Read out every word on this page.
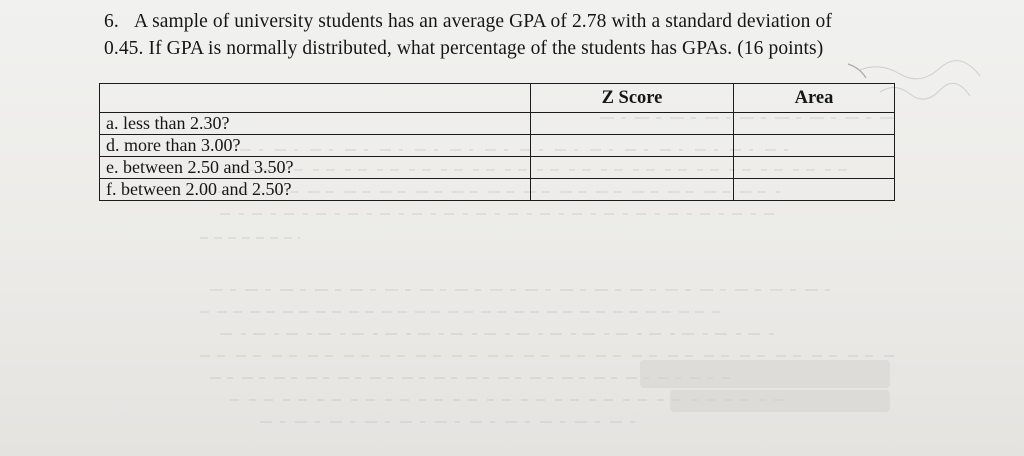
6. A sample of university students has an average GPA of 2.78 with a standard deviation of
0.45. If GPA is normally distributed, what percentage of the students has GPAs. (16 points)
	Z Score	Area
a. less than 2.30?		
d. more than 3.00?		
e. between 2.50 and 3.50?		
f. between 2.00 and 2.50?		
